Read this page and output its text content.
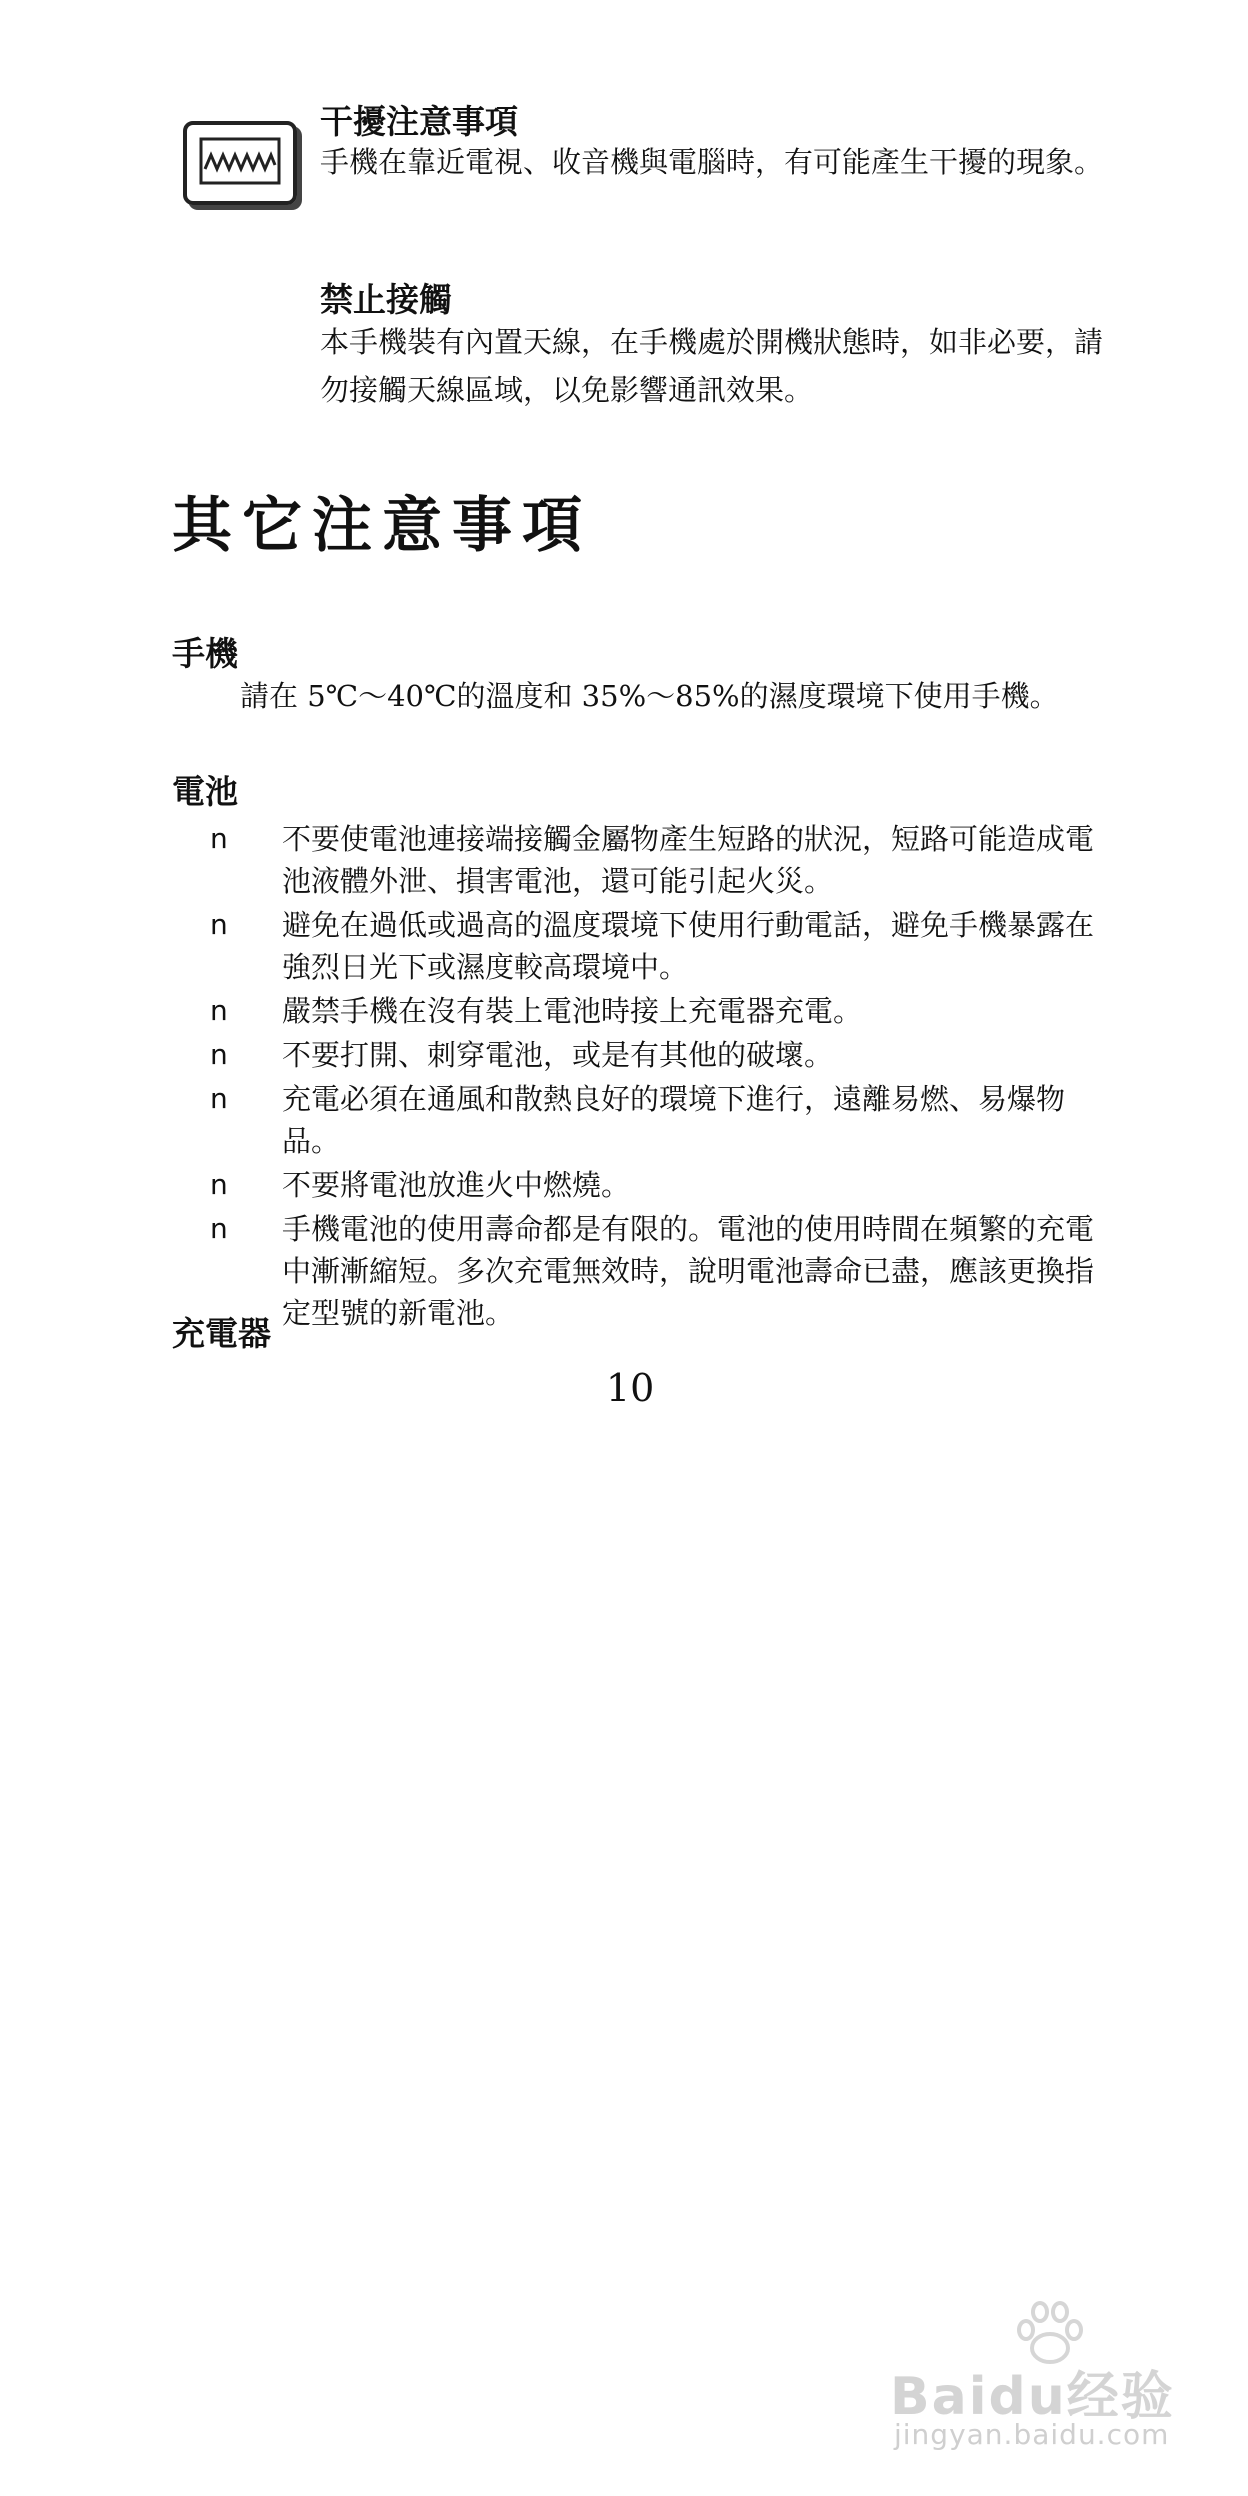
干擾注意事項
手機在靠近電視、收音機與電腦時，有可能產生干擾的現象。
禁止接觸
本手機裝有內置天線，在手機處於開機狀態時，如非必要，請勿接觸天線區域，以免影響通訊效果。
其它注意事項
手機
請在 5℃～40℃的溫度和 35%～85%的濕度環境下使用手機。
電池
n 不要使電池連接端接觸金屬物產生短路的狀況，短路可能造成電池液體外泄、損害電池，還可能引起火災。
n 避免在過低或過高的溫度環境下使用行動電話，避免手機暴露在強烈日光下或濕度較高環境中。
n 嚴禁手機在沒有裝上電池時接上充電器充電。
n 不要打開、刺穿電池，或是有其他的破壞。
n 充電必須在通風和散熱良好的環境下進行，遠離易燃、易爆物品。
n 不要將電池放進火中燃燒。
n 手機電池的使用壽命都是有限的。電池的使用時間在頻繁的充電中漸漸縮短。多次充電無效時，說明電池壽命已盡，應該更換指定型號的新電池。
充電器
10
Baidu经验
jingyan.baidu.com
